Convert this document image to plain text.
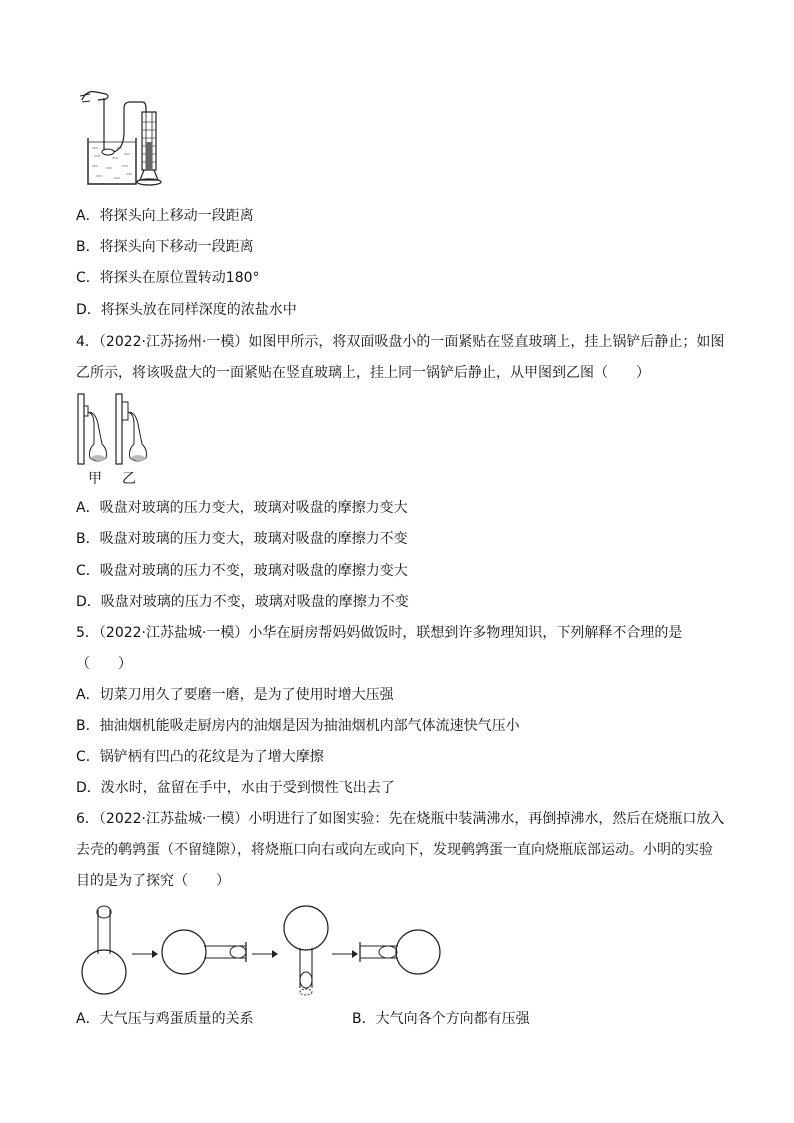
A．将探头向上移动一段距离
B．将探头向下移动一段距离
C．将探头在原位置转动180°
D．将探头放在同样深度的浓盐水中
4．（2022·江苏扬州·一模）如图甲所示，将双面吸盘小的一面紧贴在竖直玻璃上，挂上锅铲后静止；如图
乙所示，将该吸盘大的一面紧贴在竖直玻璃上，挂上同一锅铲后静止，从甲图到乙图（　　）
甲 乙
A．吸盘对玻璃的压力变大，玻璃对吸盘的摩擦力变大
B．吸盘对玻璃的压力变大，玻璃对吸盘的摩擦力不变
C．吸盘对玻璃的压力不变，玻璃对吸盘的摩擦力变大
D．吸盘对玻璃的压力不变，玻璃对吸盘的摩擦力不变
5．（2022·江苏盐城·一模）小华在厨房帮妈妈做饭时，联想到许多物理知识，下列解释不合理的是
（　　）
A．切菜刀用久了要磨一磨，是为了使用时增大压强
B．抽油烟机能吸走厨房内的油烟是因为抽油烟机内部气体流速快气压小
C．锅铲柄有凹凸的花纹是为了增大摩擦
D．泼水时，盆留在手中，水由于受到惯性飞出去了
6．（2022·江苏盐城·一模）小明进行了如图实验：先在烧瓶中装满沸水，再倒掉沸水，然后在烧瓶口放入
去壳的鹌鹑蛋（不留缝隙），将烧瓶口向右或向左或向下，发现鹌鹑蛋一直向烧瓶底部运动。小明的实验
目的是为了探究（　　）
A．大气压与鸡蛋质量的关系	B．大气向各个方向都有压强
